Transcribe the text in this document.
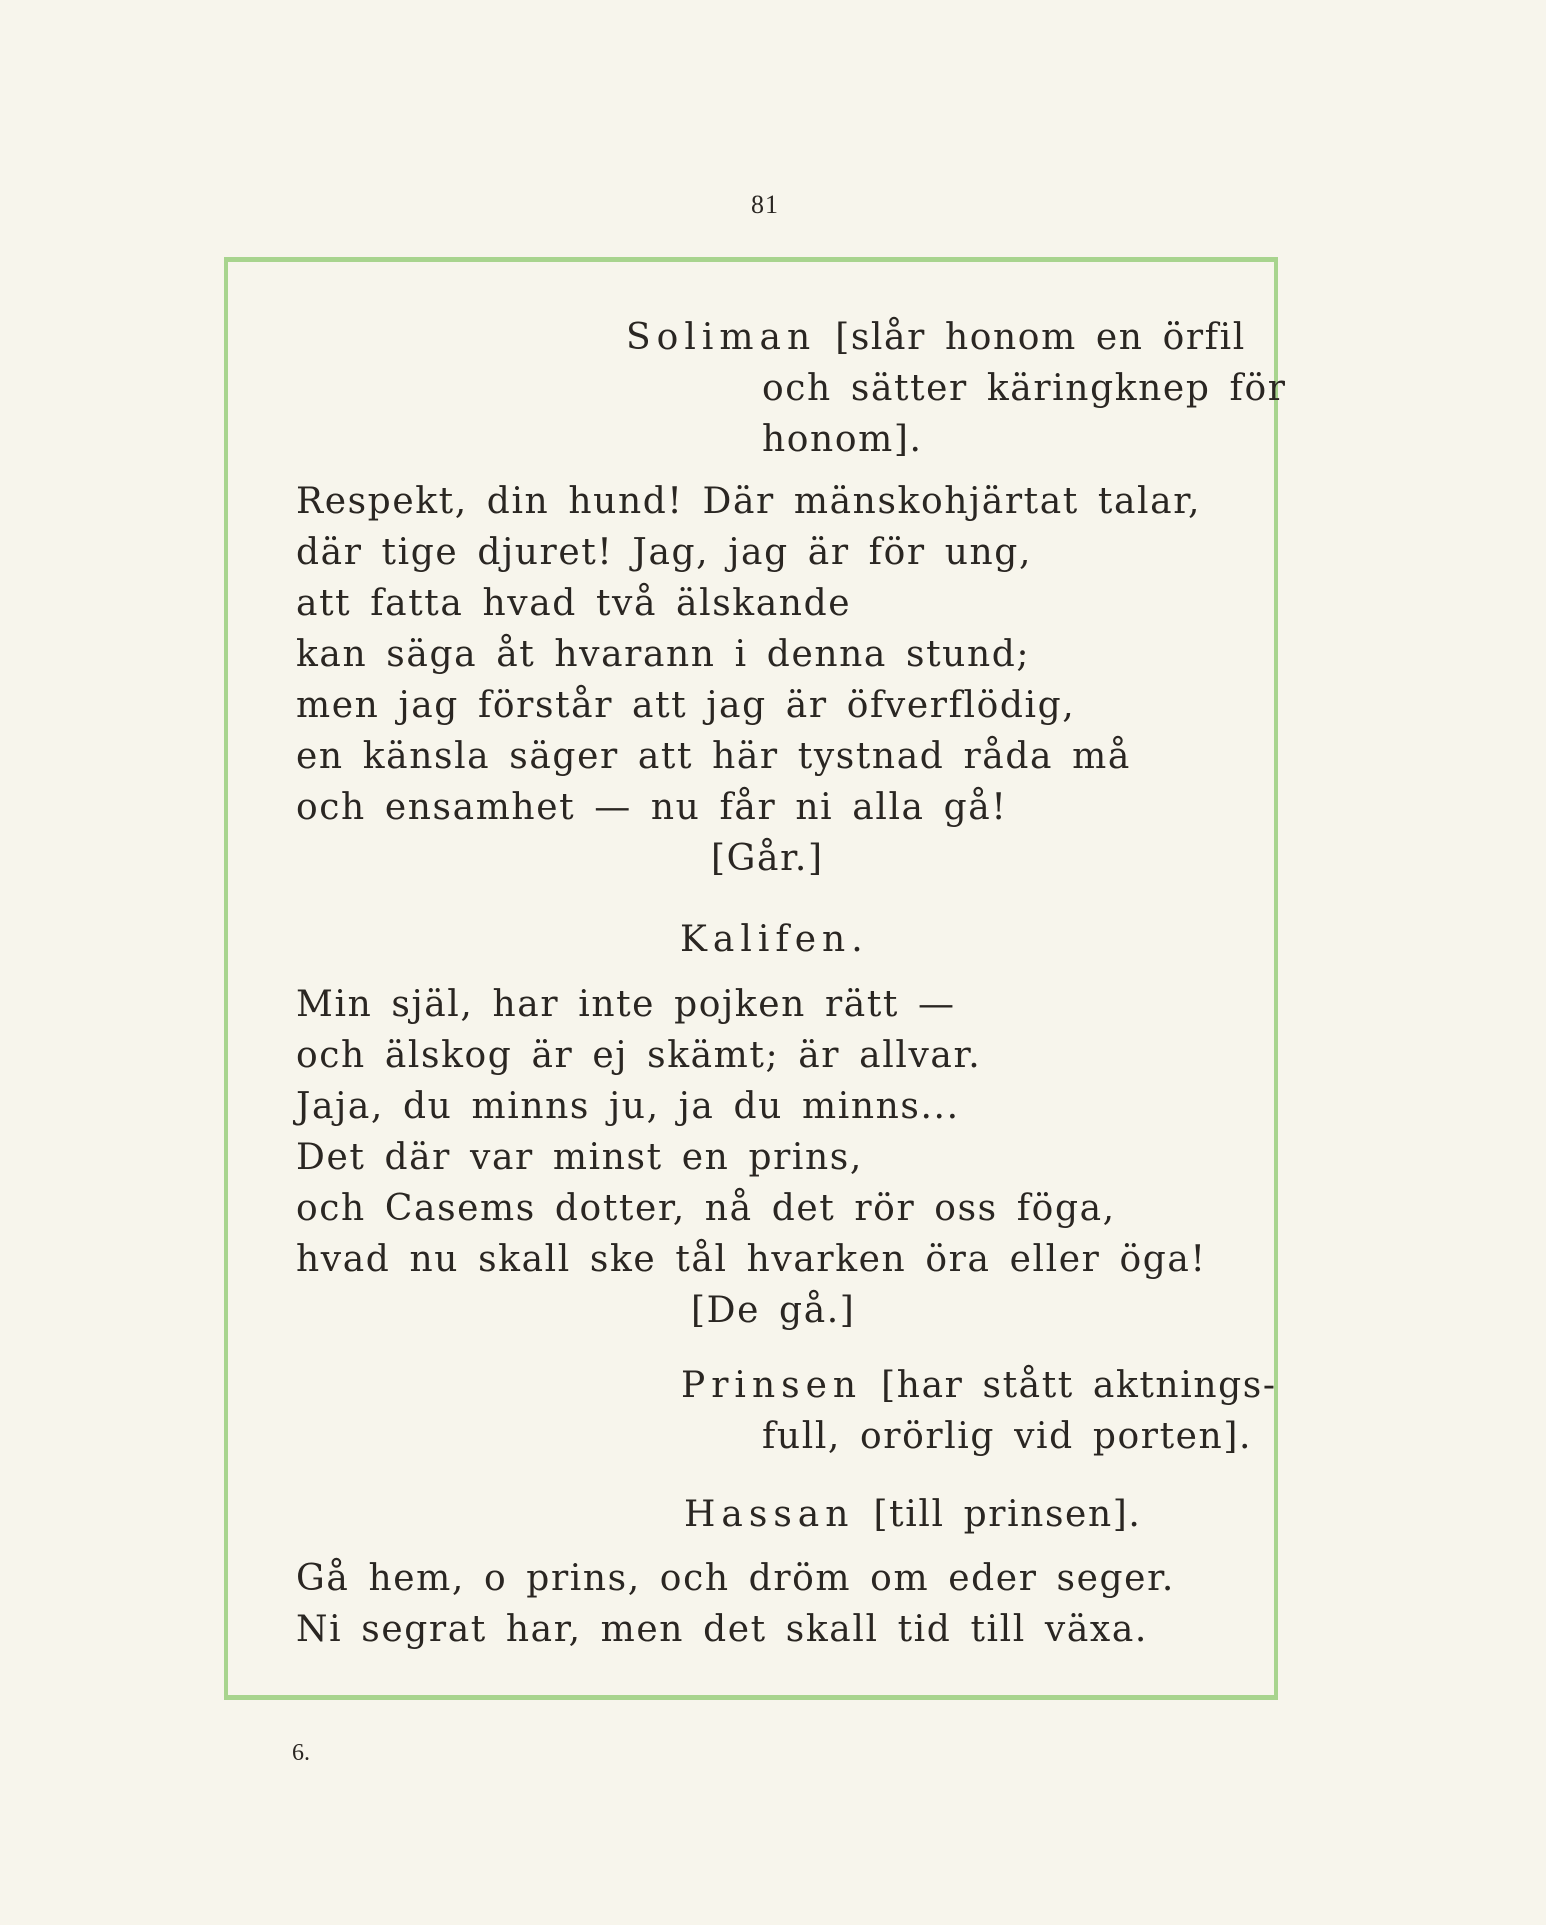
81
Soliman [slår honom en örfil
och sätter käringknep för
honom].
Respekt, din hund! Där mänskohjärtat talar,
där tige djuret! Jag, jag är för ung,
att fatta hvad två älskande
kan säga åt hvarann i denna stund;
men jag förstår att jag är öfverflödig,
en känsla säger att här tystnad råda må
och ensamhet — nu får ni alla gå!
[Går.]
Kalifen.
Min själ, har inte pojken rätt —
och älskog är ej skämt; är allvar.
Jaja, du minns ju, ja du minns...
Det där var minst en prins,
och Casems dotter, nå det rör oss föga,
hvad nu skall ske tål hvarken öra eller öga!
[De gå.]
Prinsen [har stått aktnings-
full, orörlig vid porten].
Hassan [till prinsen].
Gå hem, o prins, och dröm om eder seger.
Ni segrat har, men det skall tid till växa.
6.
